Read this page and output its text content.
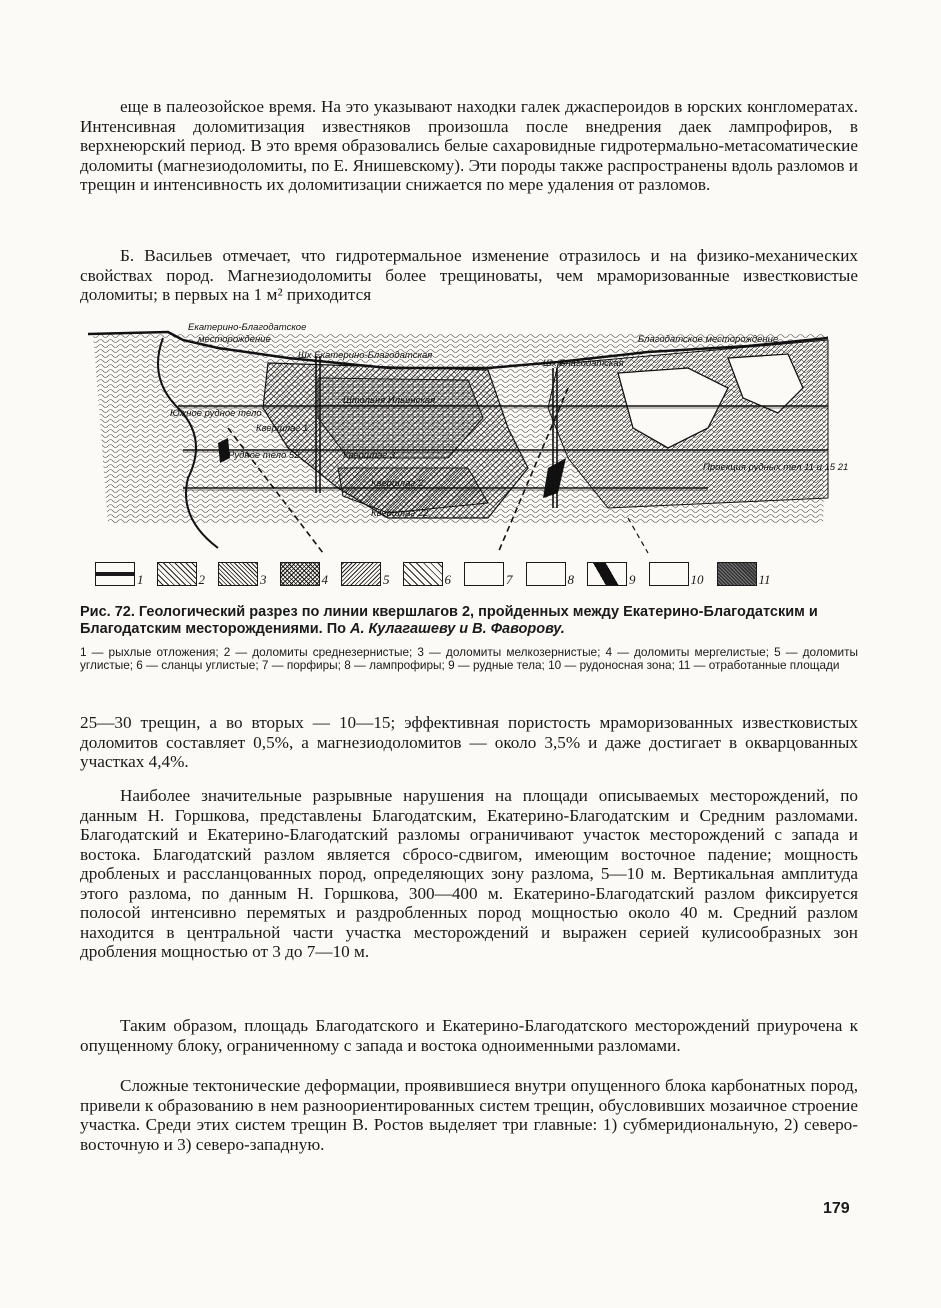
еще в палеозойское время. На это указывают находки галек джаспероидов в юрских конгломератах. Интенсивная доломитизация известняков произошла после внедрения даек лампрофиров, в верхнеюрский период. В это время образовались белые сахаровидные гидротермально-метасоматические доломиты (магнезиодоломиты, по Е. Янишевскому). Эти породы также распространены вдоль разломов и трещин и интенсивность их доломитизации снижается по мере удаления от разломов.

Б. Васильев отмечает, что гидротермальное изменение отразилось и на физико-механических свойствах пород. Магнезиодоломиты более трещиноваты, чем мраморизованные известковистые доломиты; в первых на 1 м² приходится

Екатерино-Благодатское
месторождение	Благодатское месторождение
Шх Екатерино-Благодатская
Шх Благодатская
Штольня Ильинская
Южное рудное тело
Квершлаг 1
Рудное тело 52	Квершлаг 3
Квершлаг 2
Квершлаг 22
Проекция рудных тел 11 и 15 21
1	2	3	4	5	6	7	8	9	10	11

Рис. 72. Геологический разрез по линии квершлагов 2, пройденных между Екатерино-Благодатским и Благодатским месторождениями. По А. Кулагашеву и В. Фаворову.

1 — рыхлые отложения; 2 — доломиты среднезернистые; 3 — доломиты мелкозернистые; 4 — доломиты мергелистые; 5 — доломиты углистые; 6 — сланцы углистые; 7 — порфиры; 8 — лампрофиры; 9 — рудные тела; 10 — рудоносная зона; 11 — отработанные площади

25—30 трещин, а во вторых — 10—15; эффективная пористость мраморизованных известковистых доломитов составляет 0,5%, а магнезиодоломитов — около 3,5% и даже достигает в окварцованных участках 4,4%.

Наиболее значительные разрывные нарушения на площади описываемых месторождений, по данным Н. Горшкова, представлены Благодатским, Екатерино-Благодатским и Средним разломами. Благодатский и Екатерино-Благодатский разломы ограничивают участок месторождений с запада и востока. Благодатский разлом является сбросо-сдвигом, имеющим восточное падение; мощность дробленых и рассланцованных пород, определяющих зону разлома, 5—10 м. Вертикальная амплитуда этого разлома, по данным Н. Горшкова, 300—400 м. Екатерино-Благодатский разлом фиксируется полосой интенсивно перемятых и раздробленных пород мощностью около 40 м. Средний разлом находится в центральной части участка месторождений и выражен серией кулисообразных зон дробления мощностью от 3 до 7—10 м.

Таким образом, площадь Благодатского и Екатерино-Благодатского месторождений приурочена к опущенному блоку, ограниченному с запада и востока одноименными разломами.

Сложные тектонические деформации, проявившиеся внутри опущенного блока карбонатных пород, привели к образованию в нем разноориентированных систем трещин, обусловивших мозаичное строение участка. Среди этих систем трещин В. Ростов выделяет три главные: 1) субмеридиональную, 2) северо-восточную и 3) северо-западную.

179
